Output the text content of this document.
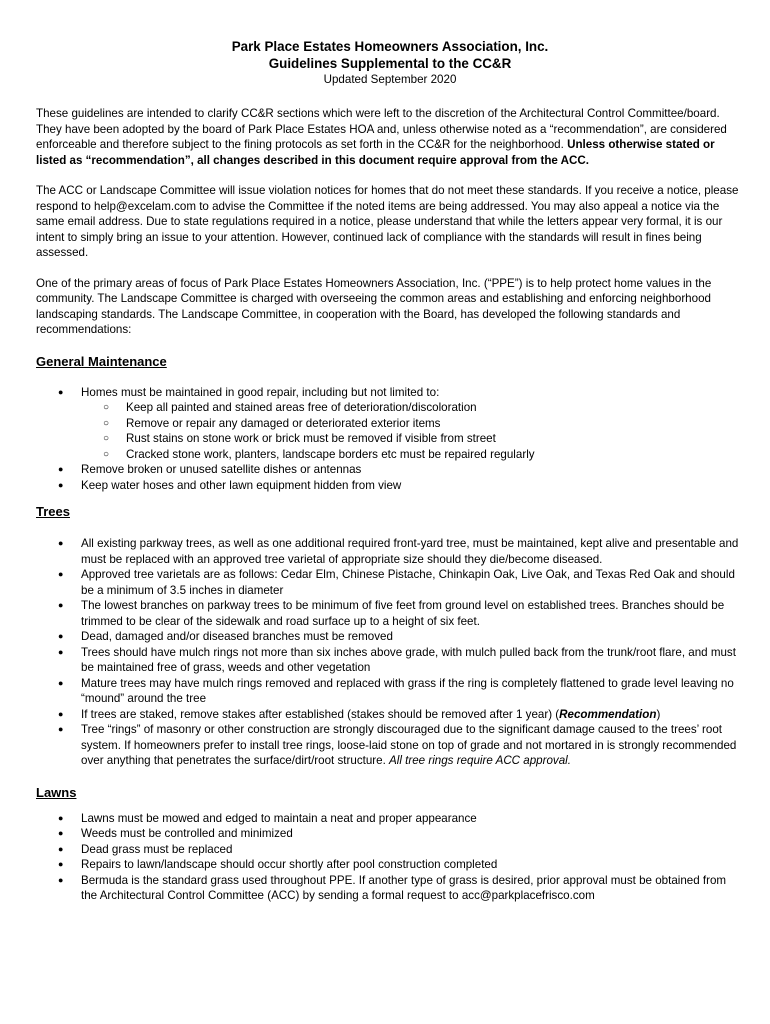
Park Place Estates Homeowners Association, Inc.

Guidelines Supplemental to the CC&R

Updated September 2020

These guidelines are intended to clarify CC&R sections which were left to the discretion of the Architectural Control Committee/board. They have been adopted by the board of Park Place Estates HOA and, unless otherwise noted as a “recommendation”, are considered enforceable and therefore subject to the fining protocols as set forth in the CC&R for the neighborhood. Unless otherwise stated or listed as “recommendation”, all changes described in this document require approval from the ACC.

The ACC or Landscape Committee will issue violation notices for homes that do not meet these standards. If you receive a notice, please respond to help@excelam.com to advise the Committee if the noted items are being addressed. You may also appeal a notice via the same email address. Due to state regulations required in a notice, please understand that while the letters appear very formal, it is our intent to simply bring an issue to your attention. However, continued lack of compliance with the standards will result in fines being assessed.

One of the primary areas of focus of Park Place Estates Homeowners Association, Inc. (“PPE”) is to help protect home values in the community. The Landscape Committee is charged with overseeing the common areas and establishing and enforcing neighborhood landscaping standards. The Landscape Committee, in cooperation with the Board, has developed the following standards and recommendations:

General Maintenance

● Homes must be maintained in good repair, including but not limited to:
○ Keep all painted and stained areas free of deterioration/discoloration
○ Remove or repair any damaged or deteriorated exterior items
○ Rust stains on stone work or brick must be removed if visible from street
○ Cracked stone work, planters, landscape borders etc must be repaired regularly
● Remove broken or unused satellite dishes or antennas
● Keep water hoses and other lawn equipment hidden from view

Trees

● All existing parkway trees, as well as one additional required front-yard tree, must be maintained, kept alive and presentable and must be replaced with an approved tree varietal of appropriate size should they die/become diseased.
● Approved tree varietals are as follows: Cedar Elm, Chinese Pistache, Chinkapin Oak, Live Oak, and Texas Red Oak and should be a minimum of 3.5 inches in diameter
● The lowest branches on parkway trees to be minimum of five feet from ground level on established trees. Branches should be trimmed to be clear of the sidewalk and road surface up to a height of six feet.
● Dead, damaged and/or diseased branches must be removed
● Trees should have mulch rings not more than six inches above grade, with mulch pulled back from the trunk/root flare, and must be maintained free of grass, weeds and other vegetation
● Mature trees may have mulch rings removed and replaced with grass if the ring is completely flattened to grade level leaving no “mound” around the tree
● If trees are staked, remove stakes after established (stakes should be removed after 1 year) (Recommendation)
● Tree “rings” of masonry or other construction are strongly discouraged due to the significant damage caused to the trees’ root system. If homeowners prefer to install tree rings, loose-laid stone on top of grade and not mortared in is strongly recommended over anything that penetrates the surface/dirt/root structure. All tree rings require ACC approval.

Lawns

● Lawns must be mowed and edged to maintain a neat and proper appearance
● Weeds must be controlled and minimized
● Dead grass must be replaced
● Repairs to lawn/landscape should occur shortly after pool construction completed
● Bermuda is the standard grass used throughout PPE. If another type of grass is desired, prior approval must be obtained from the Architectural Control Committee (ACC) by sending a formal request to acc@parkplacefrisco.com
